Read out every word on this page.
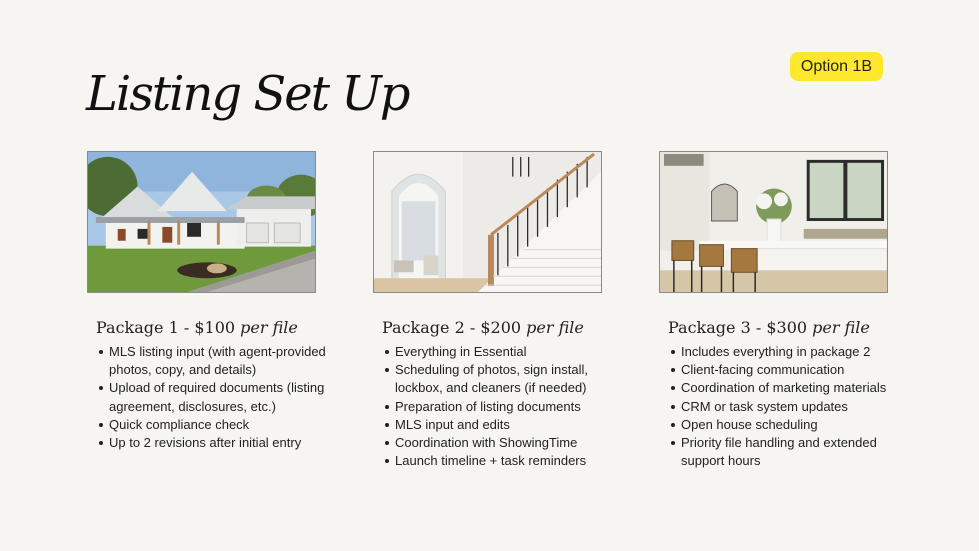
Option 1B
Listing Set Up

Package 1 - $100 per file

MLS listing input (with agent-provided photos, copy, and details)
Upload of required documents (listing agreement, disclosures, etc.)
Quick compliance check
Up to 2 revisions after initial entry

Package 2 - $200 per file

Everything in Essential
Scheduling of photos, sign install, lockbox, and cleaners (if needed)
Preparation of listing documents
MLS input and edits
Coordination with ShowingTime
Launch timeline + task reminders

Package 3 - $300 per file

Includes everything in package 2
Client-facing communication
Coordination of marketing materials
CRM or task system updates
Open house scheduling
Priority file handling and extended support hours
